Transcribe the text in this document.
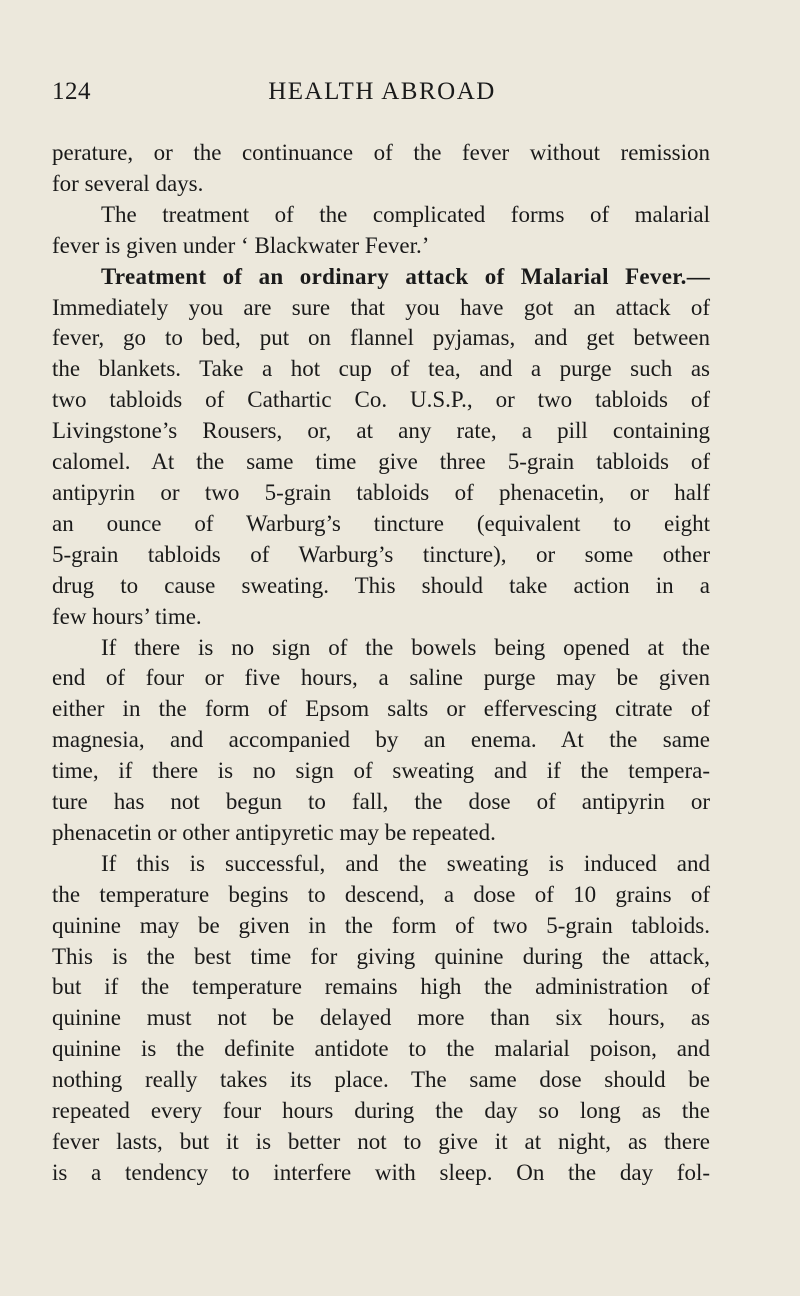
124	HEALTH ABROAD

perature, or the continuance of the fever without remission

for several days.

The treatment of the complicated forms of malarial

fever is given under ‘ Blackwater Fever.’

Treatment of an ordinary attack of Malarial Fever.—

Immediately you are sure that you have got an attack of

fever, go to bed, put on flannel pyjamas, and get between

the blankets. Take a hot cup of tea, and a purge such as

two tabloids of Cathartic Co. U.S.P., or two tabloids of

Livingstone’s Rousers, or, at any rate, a pill containing

calomel. At the same time give three 5-grain tabloids of

antipyrin or two 5-grain tabloids of phenacetin, or half

an ounce of Warburg’s tincture (equivalent to eight

5-grain tabloids of Warburg’s tincture), or some other

drug to cause sweating. This should take action in a

few hours’ time.

If there is no sign of the bowels being opened at the

end of four or five hours, a saline purge may be given

either in the form of Epsom salts or effervescing citrate of

magnesia, and accompanied by an enema. At the same

time, if there is no sign of sweating and if the tempera-

ture has not begun to fall, the dose of antipyrin or

phenacetin or other antipyretic may be repeated.

If this is successful, and the sweating is induced and

the temperature begins to descend, a dose of 10 grains of

quinine may be given in the form of two 5-grain tabloids.

This is the best time for giving quinine during the attack,

but if the temperature remains high the administration of

quinine must not be delayed more than six hours, as

quinine is the definite antidote to the malarial poison, and

nothing really takes its place. The same dose should be

repeated every four hours during the day so long as the

fever lasts, but it is better not to give it at night, as there

is a tendency to interfere with sleep. On the day fol-
